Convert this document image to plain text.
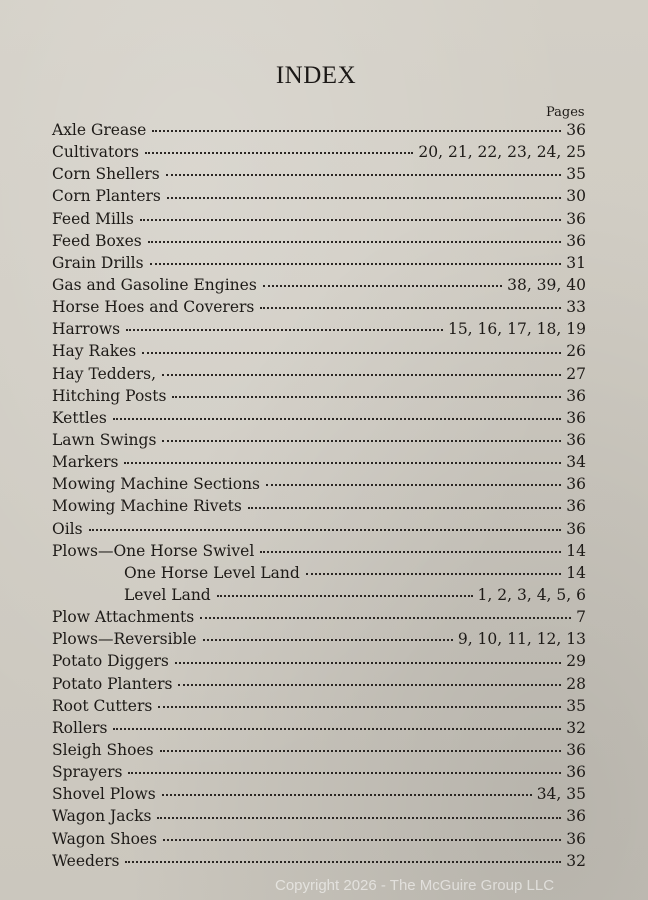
INDEX
Pages
Axle Grease	36
Cultivators	20, 21, 22, 23, 24, 25
Corn Shellers	35
Corn Planters	30
Feed Mills	36
Feed Boxes	36
Grain Drills	31
Gas and Gasoline Engines	38, 39, 40
Horse Hoes and Coverers	33
Harrows	15, 16, 17, 18, 19
Hay Rakes	26
Hay Tedders,	27
Hitching Posts	36
Kettles	36
Lawn Swings	36
Markers	34
Mowing Machine Sections	36
Mowing Machine Rivets	36
Oils	36
Plows—One Horse Swivel	14
One Horse Level Land	14
Level Land	1, 2, 3, 4, 5, 6
Plow Attachments	7
Plows—Reversible	9, 10, 11, 12, 13
Potato Diggers	29
Potato Planters	28
Root Cutters	35
Rollers	32
Sleigh Shoes	36
Sprayers	36
Shovel Plows	34, 35
Wagon Jacks	36
Wagon Shoes	36
Weeders	32
Copyright 2026 - The McGuire Group LLC
